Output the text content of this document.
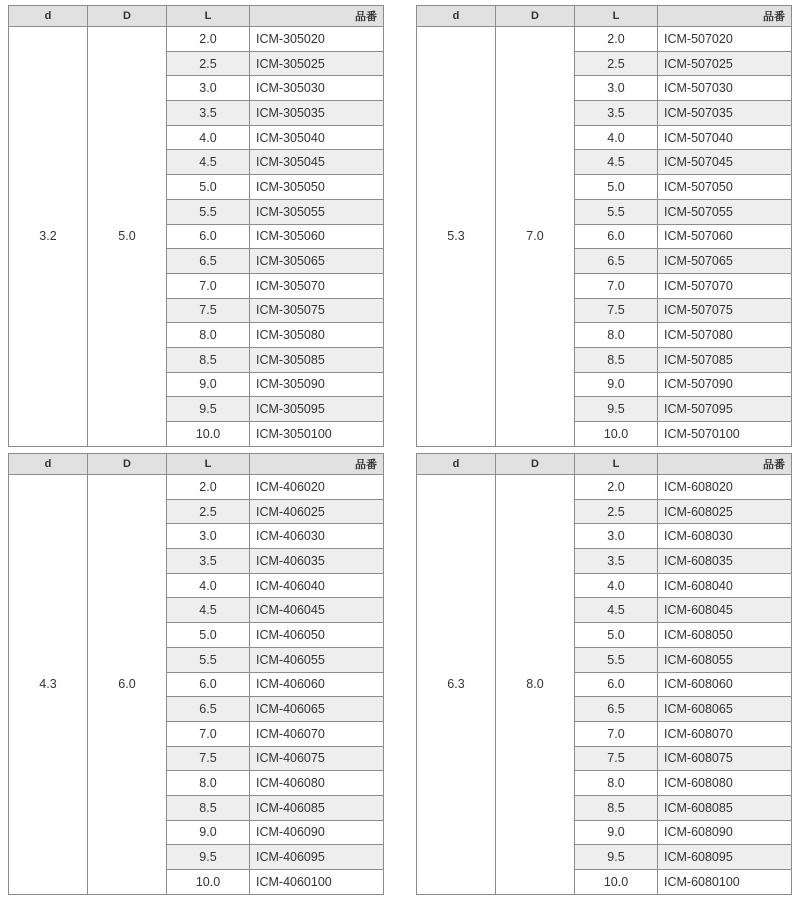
d	D	L	品番
3.2	5.0	2.0	ICM-305020
		2.5	ICM-305025
		3.0	ICM-305030
		3.5	ICM-305035
		4.0	ICM-305040
		4.5	ICM-305045
		5.0	ICM-305050
		5.5	ICM-305055
		6.0	ICM-305060
		6.5	ICM-305065
		7.0	ICM-305070
		7.5	ICM-305075
		8.0	ICM-305080
		8.5	ICM-305085
		9.0	ICM-305090
		9.5	ICM-305095
		10.0	ICM-3050100
d	D	L	品番
5.3	7.0	2.0	ICM-507020
		2.5	ICM-507025
		3.0	ICM-507030
		3.5	ICM-507035
		4.0	ICM-507040
		4.5	ICM-507045
		5.0	ICM-507050
		5.5	ICM-507055
		6.0	ICM-507060
		6.5	ICM-507065
		7.0	ICM-507070
		7.5	ICM-507075
		8.0	ICM-507080
		8.5	ICM-507085
		9.0	ICM-507090
		9.5	ICM-507095
		10.0	ICM-5070100
d	D	L	品番
4.3	6.0	2.0	ICM-406020
		2.5	ICM-406025
		3.0	ICM-406030
		3.5	ICM-406035
		4.0	ICM-406040
		4.5	ICM-406045
		5.0	ICM-406050
		5.5	ICM-406055
		6.0	ICM-406060
		6.5	ICM-406065
		7.0	ICM-406070
		7.5	ICM-406075
		8.0	ICM-406080
		8.5	ICM-406085
		9.0	ICM-406090
		9.5	ICM-406095
		10.0	ICM-4060100
d	D	L	品番
6.3	8.0	2.0	ICM-608020
		2.5	ICM-608025
		3.0	ICM-608030
		3.5	ICM-608035
		4.0	ICM-608040
		4.5	ICM-608045
		5.0	ICM-608050
		5.5	ICM-608055
		6.0	ICM-608060
		6.5	ICM-608065
		7.0	ICM-608070
		7.5	ICM-608075
		8.0	ICM-608080
		8.5	ICM-608085
		9.0	ICM-608090
		9.5	ICM-608095
		10.0	ICM-6080100
